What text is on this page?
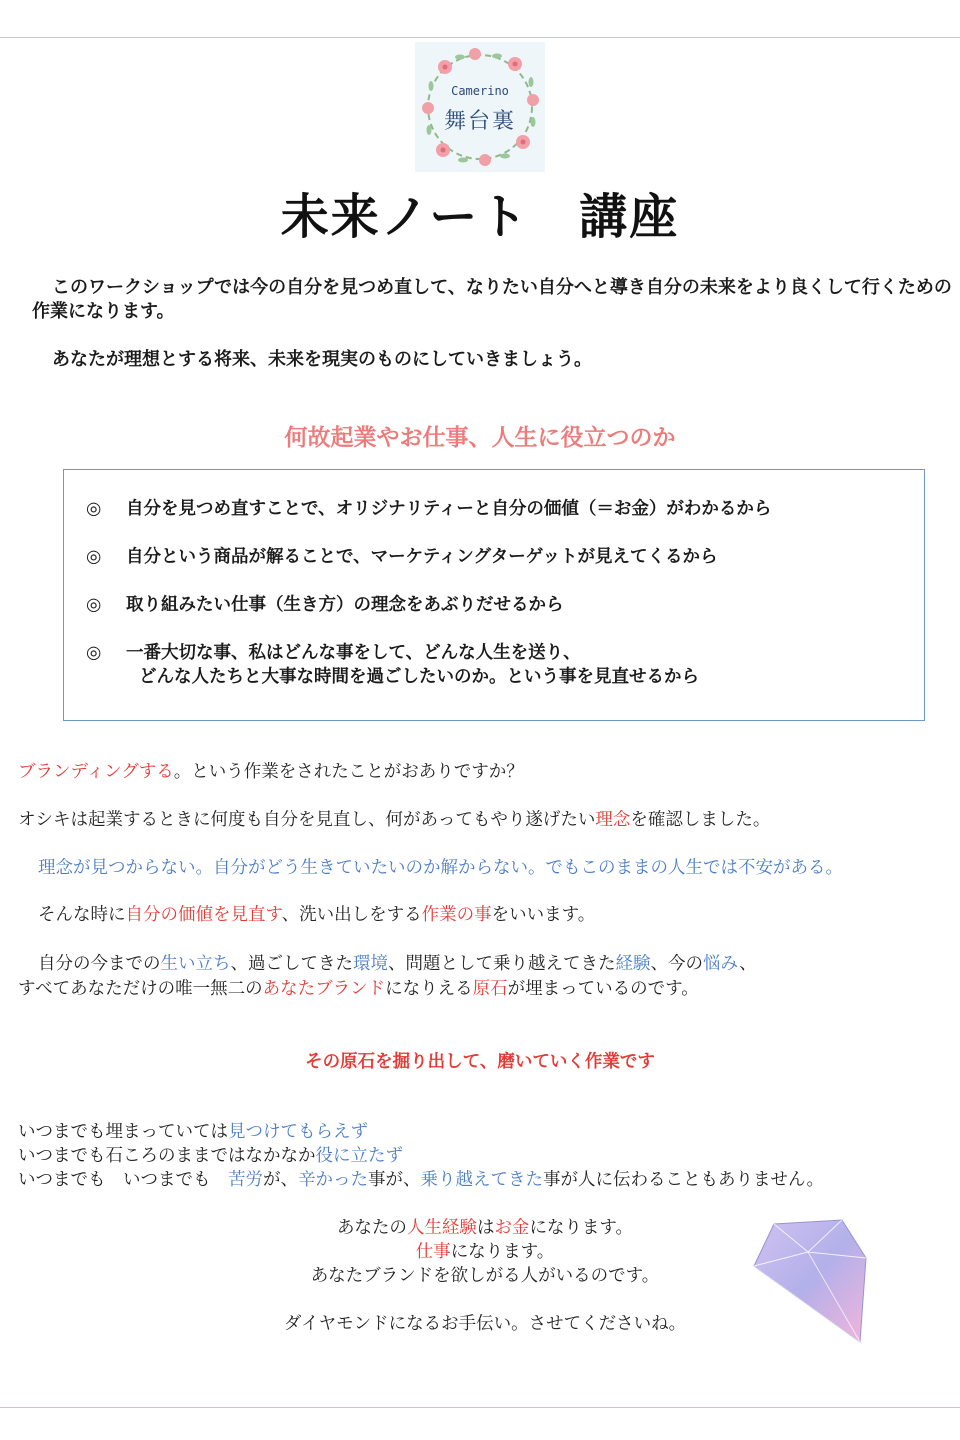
Camerino
舞台裏
未来ノート　講座
このワークショップでは今の自分を見つめ直して、なりたい自分へと導き自分の未来をより良くして行くための作業になります。
あなたが理想とする将来、未来を現実のものにしていきましょう。
何故起業やお仕事、人生に役立つのか
◎ 自分を見つめ直すことで、オリジナリティーと自分の価値（＝お金）がわかるから
◎ 自分という商品が解ることで、マーケティングターゲットが見えてくるから
◎ 取り組みたい仕事（生き方）の理念をあぶりだせるから
◎ 一番大切な事、私はどんな事をして、どんな人生を送り、
どんな人たちと大事な時間を過ごしたいのか。という事を見直せるから
ブランディングする。という作業をされたことがおありですか？
オシキは起業するときに何度も自分を見直し、何があってもやり遂げたい理念を確認しました。
理念が見つからない。自分がどう生きていたいのか解からない。でもこのままの人生では不安がある。
そんな時に自分の価値を見直す、洗い出しをする作業の事をいいます。
自分の今までの生い立ち、過ごしてきた環境、問題として乗り越えてきた経験、今の悩み、
すべてあなただけの唯一無二のあなたブランドになりえる原石が埋まっているのです。
その原石を掘り出して、磨いていく作業です
いつまでも埋まっていては見つけてもらえず
いつまでも石ころのままではなかなか役に立たず
いつまでも　いつまでも　苦労が、辛かった事が、乗り越えてきた事が人に伝わることもありません。
あなたの人生経験はお金になります。
仕事になります。
あなたブランドを欲しがる人がいるのです。
ダイヤモンドになるお手伝い。させてくださいね。
